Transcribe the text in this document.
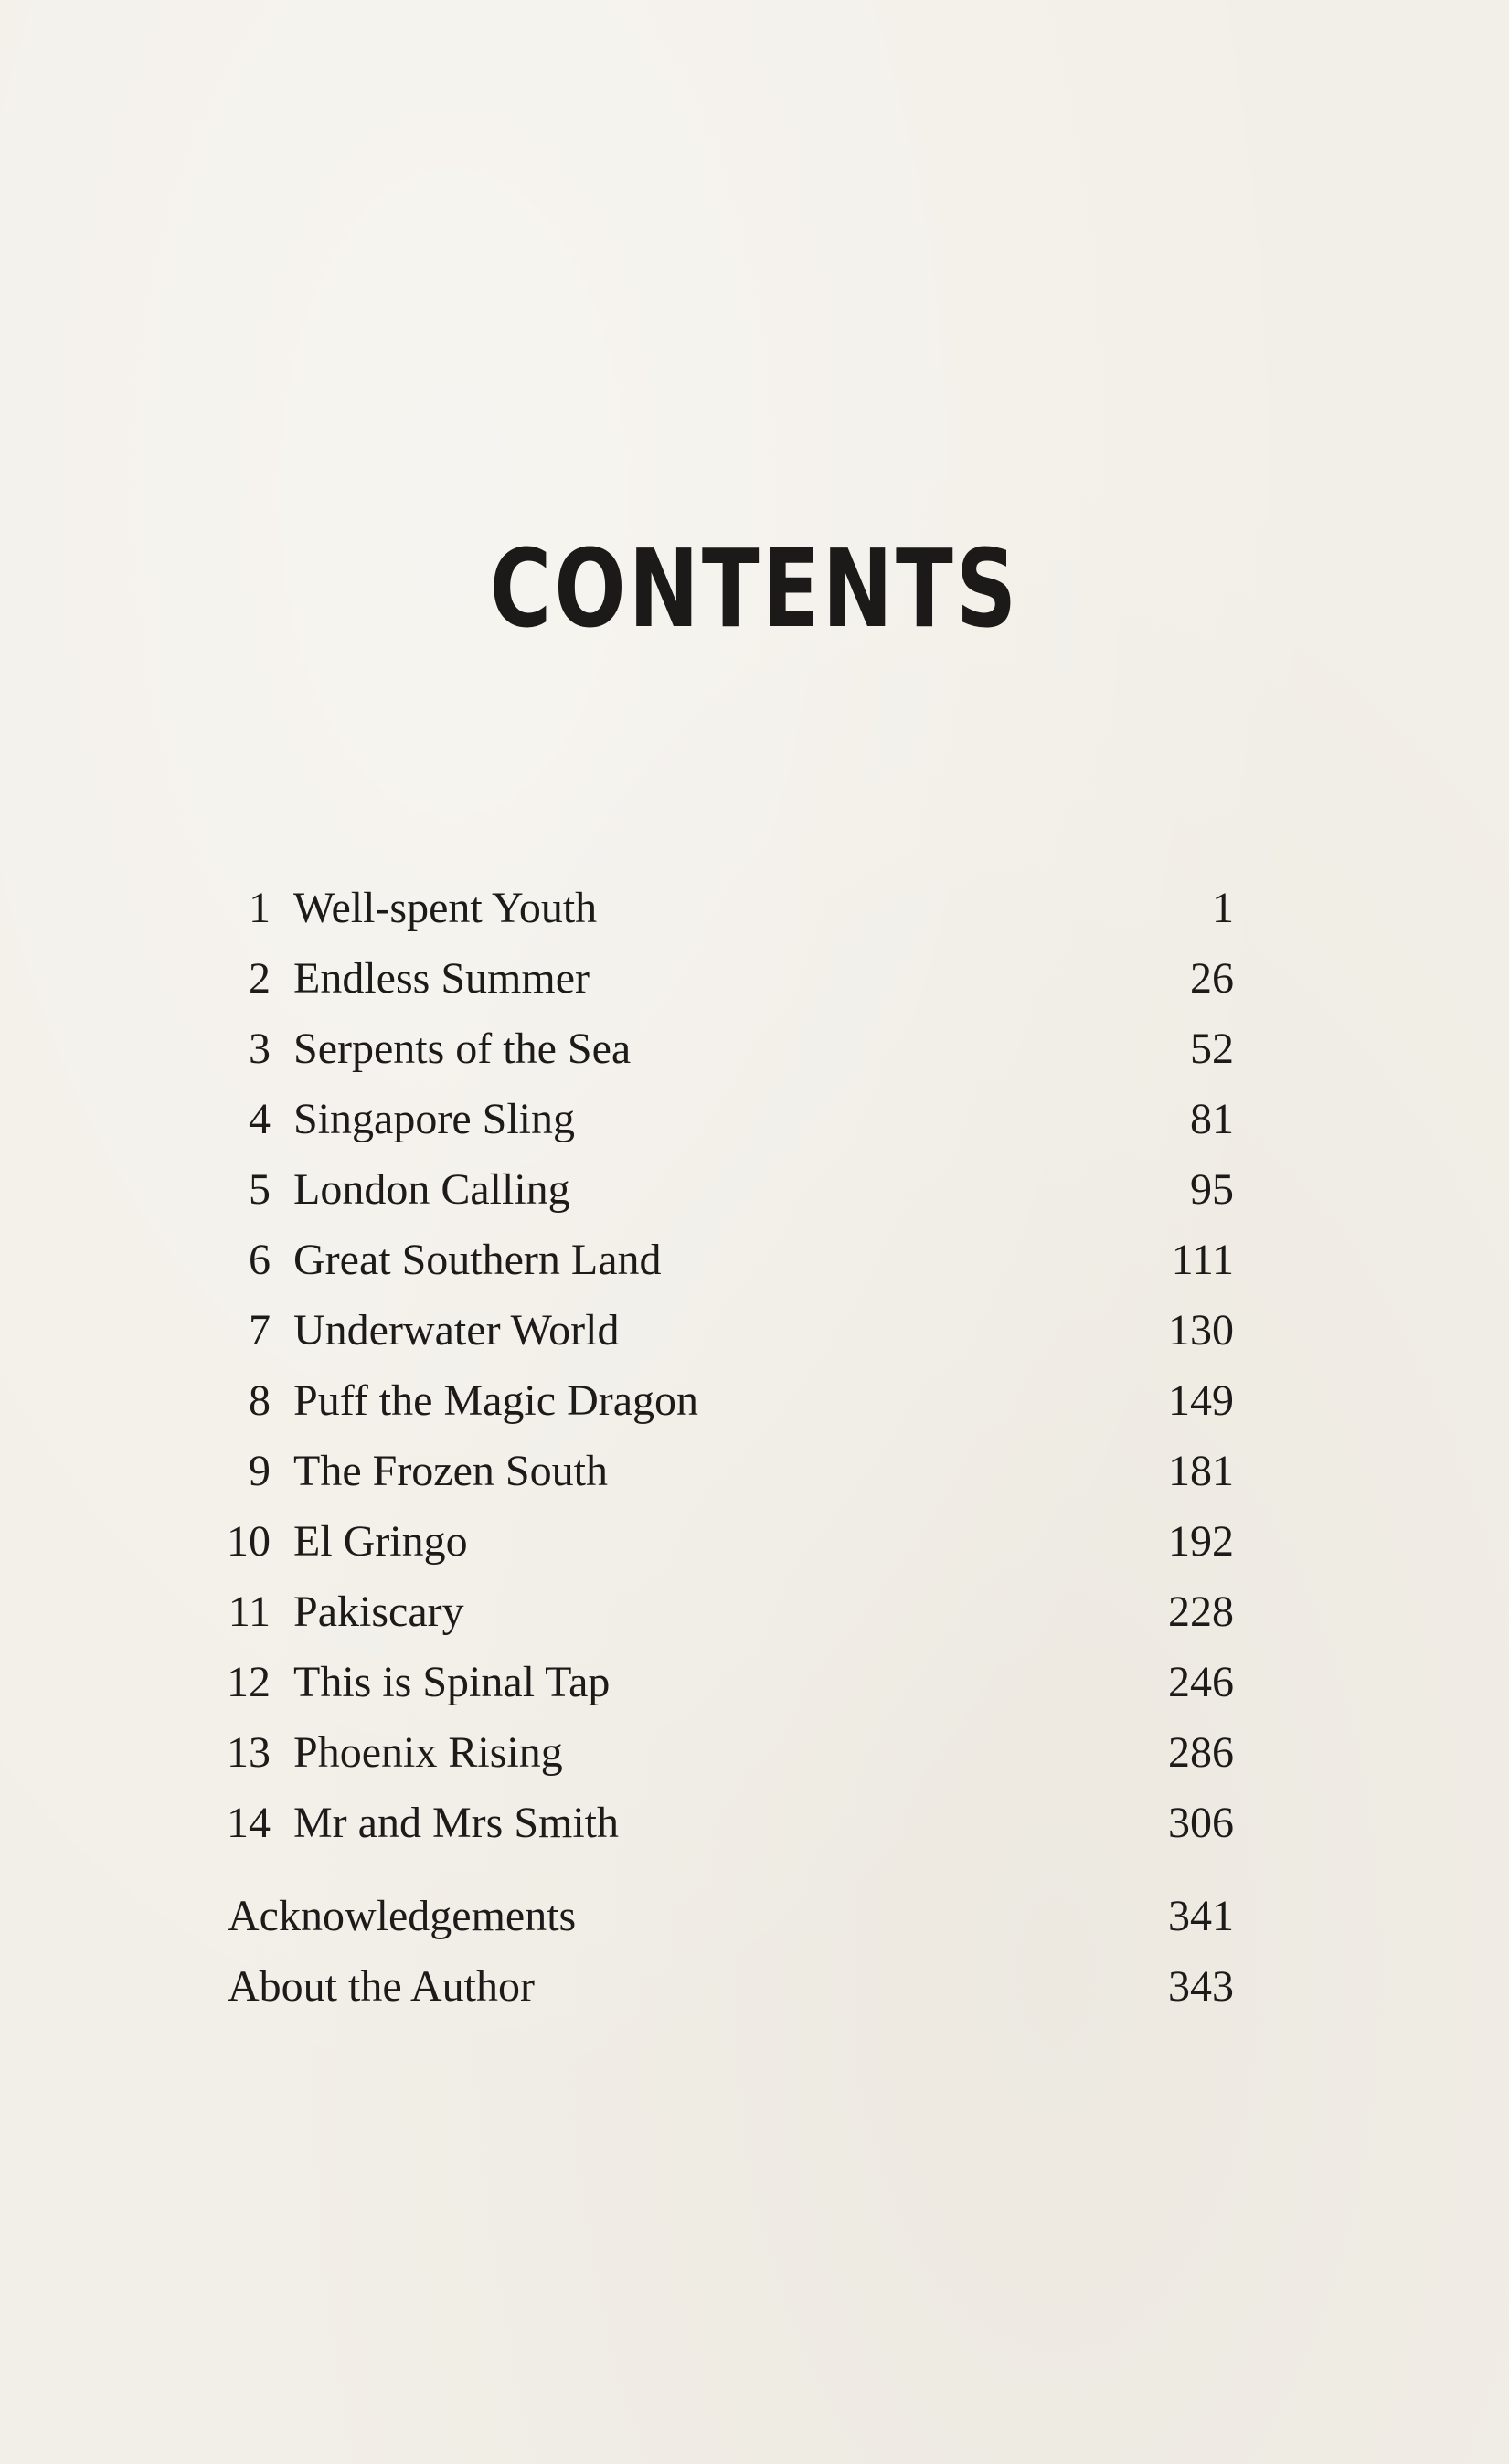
CONTENTS
1 Well-spent Youth	1
2 Endless Summer	26
3 Serpents of the Sea	52
4 Singapore Sling	81
5 London Calling	95
6 Great Southern Land	111
7 Underwater World	130
8 Puff the Magic Dragon	149
9 The Frozen South	181
10 El Gringo	192
11 Pakiscary	228
12 This is Spinal Tap	246
13 Phoenix Rising	286
14 Mr and Mrs Smith	306
Acknowledgements	341
About the Author	343
